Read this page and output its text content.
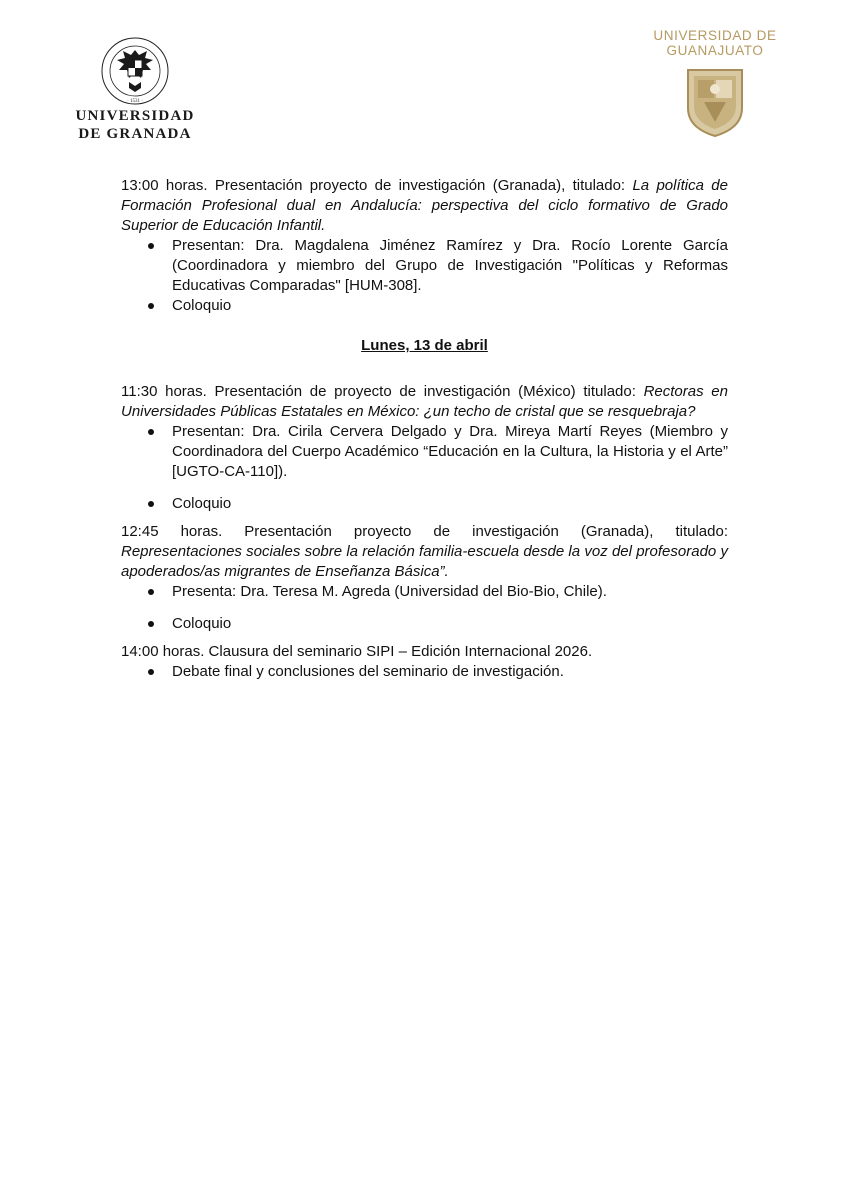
· 1531 ·
UNIVERSIDAD
DE GRANADA
UNIVERSIDAD DE
GUANAJUATO

13:00 horas. Presentación proyecto de investigación (Granada), titulado: La política de Formación Profesional dual en Andalucía: perspectiva del ciclo formativo de Grado Superior de Educación Infantil.

Presentan: Dra. Magdalena Jiménez Ramírez y Dra. Rocío Lorente García (Coordinadora y miembro del Grupo de Investigación "Políticas y Reformas Educativas Comparadas" [HUM-308].
Coloquio

Lunes, 13 de abril

11:30 horas. Presentación de proyecto de investigación (México) titulado: Rectoras en Universidades Públicas Estatales en México: ¿un techo de cristal que se resquebraja?

Presentan: Dra. Cirila Cervera Delgado y Dra. Mireya Martí Reyes (Miembro y Coordinadora del Cuerpo Académico “Educación en la Cultura, la Historia y el Arte” [UGTO-CA-110]).
Coloquio

12:45 horas. Presentación proyecto de investigación (Granada), titulado: Representaciones sociales sobre la relación familia-escuela desde la voz del profesorado y apoderados/as migrantes de Enseñanza Básica”.

Presenta: Dra. Teresa M. Agreda (Universidad del Bio-Bio, Chile).
Coloquio

14:00 horas. Clausura del seminario SIPI – Edición Internacional 2026.

Debate final y conclusiones del seminario de investigación.
